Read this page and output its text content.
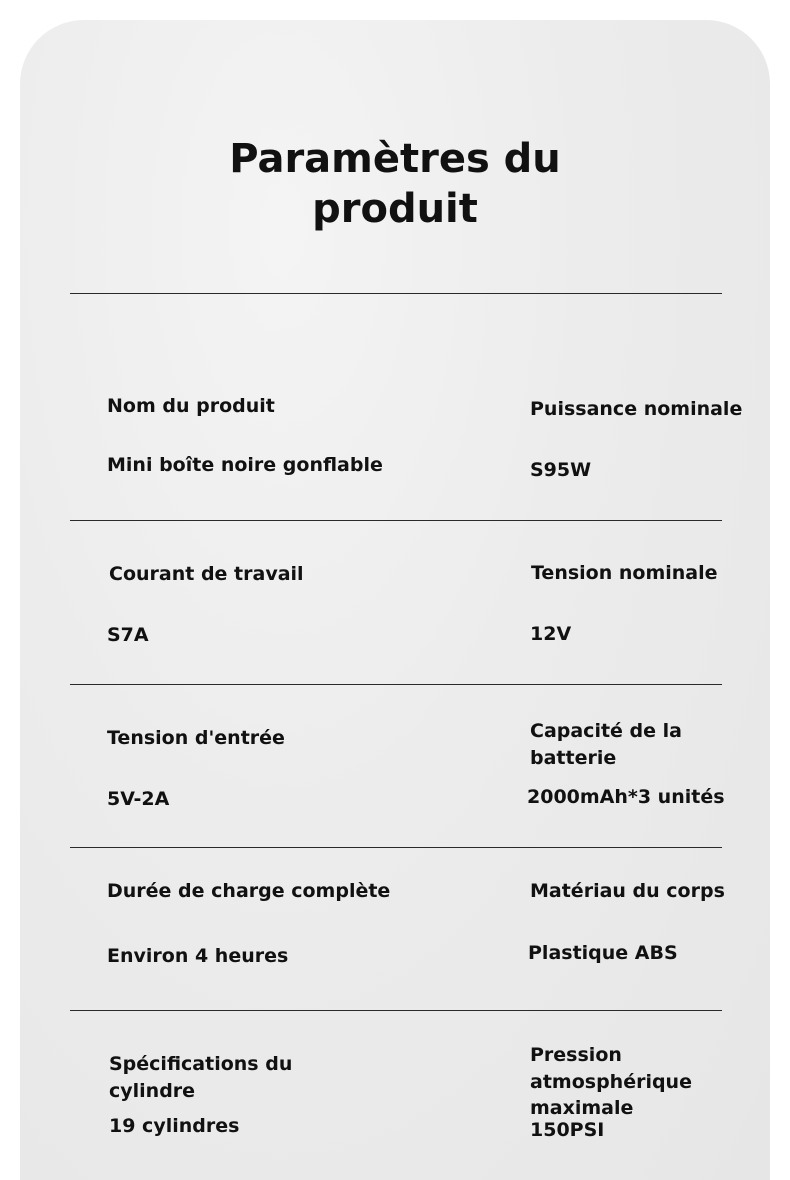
Paramètres du
produit
Nom du produit
Mini boîte noire gonflable
Puissance nominale
S95W
Courant de travail
S7A
Tension nominale
12V
Tension d'entrée
5V-2A
Capacité de la
batterie
2000mAh*3 unités
Durée de charge complète
Environ 4 heures
Matériau du corps
Plastique ABS
Spécifications du
cylindre
19 cylindres
Pression
atmosphérique
maximale
150PSI
